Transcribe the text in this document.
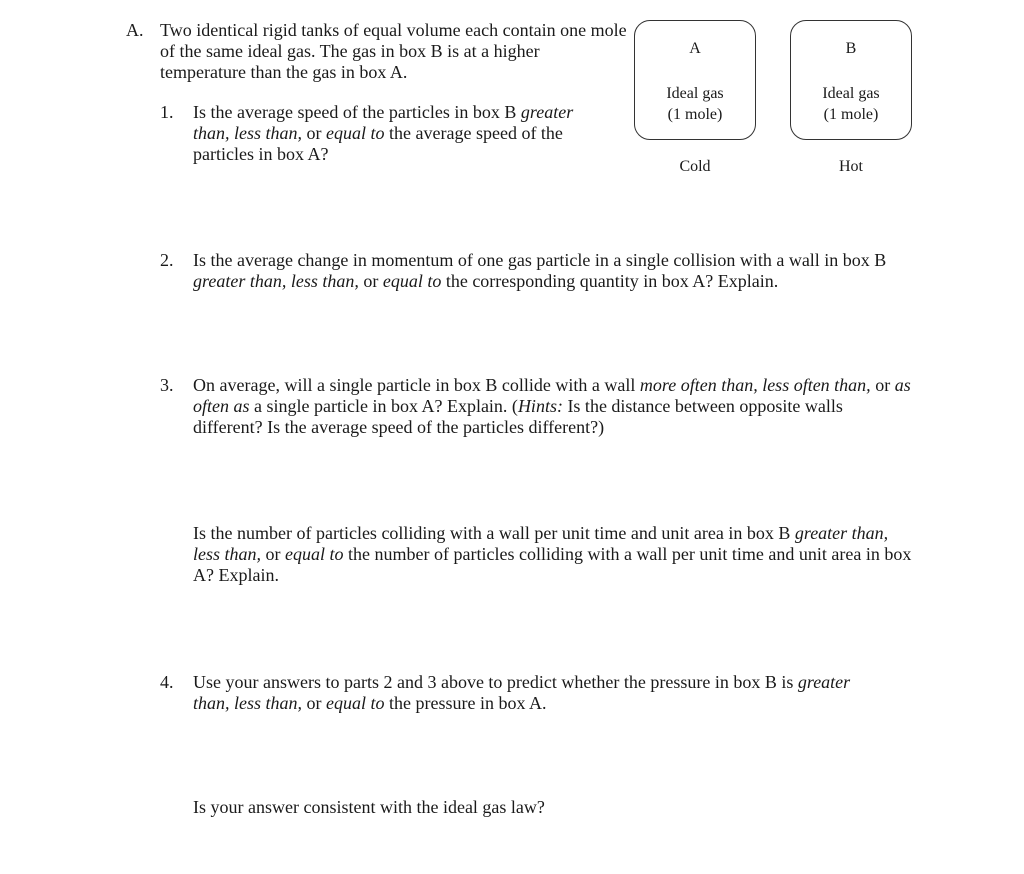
A. Two identical rigid tanks of equal volume each contain one mole of the same ideal gas. The gas in box B is at a higher temperature than the gas in box A.
A
Ideal gas
(1 mole)
Cold
B
Ideal gas
(1 mole)
Hot
1. Is the average speed of the particles in box B greater than, less than, or equal to the average speed of the particles in box A?
2. Is the average change in momentum of one gas particle in a single collision with a wall in box B greater than, less than, or equal to the corresponding quantity in box A? Explain.
3. On average, will a single particle in box B collide with a wall more often than, less often than, or as often as a single particle in box A? Explain. (Hints: Is the distance between opposite walls different? Is the average speed of the particles different?)
Is the number of particles colliding with a wall per unit time and unit area in box B greater than, less than, or equal to the number of particles colliding with a wall per unit time and unit area in box A? Explain.
4. Use your answers to parts 2 and 3 above to predict whether the pressure in box B is greater than, less than, or equal to the pressure in box A.
Is your answer consistent with the ideal gas law?
